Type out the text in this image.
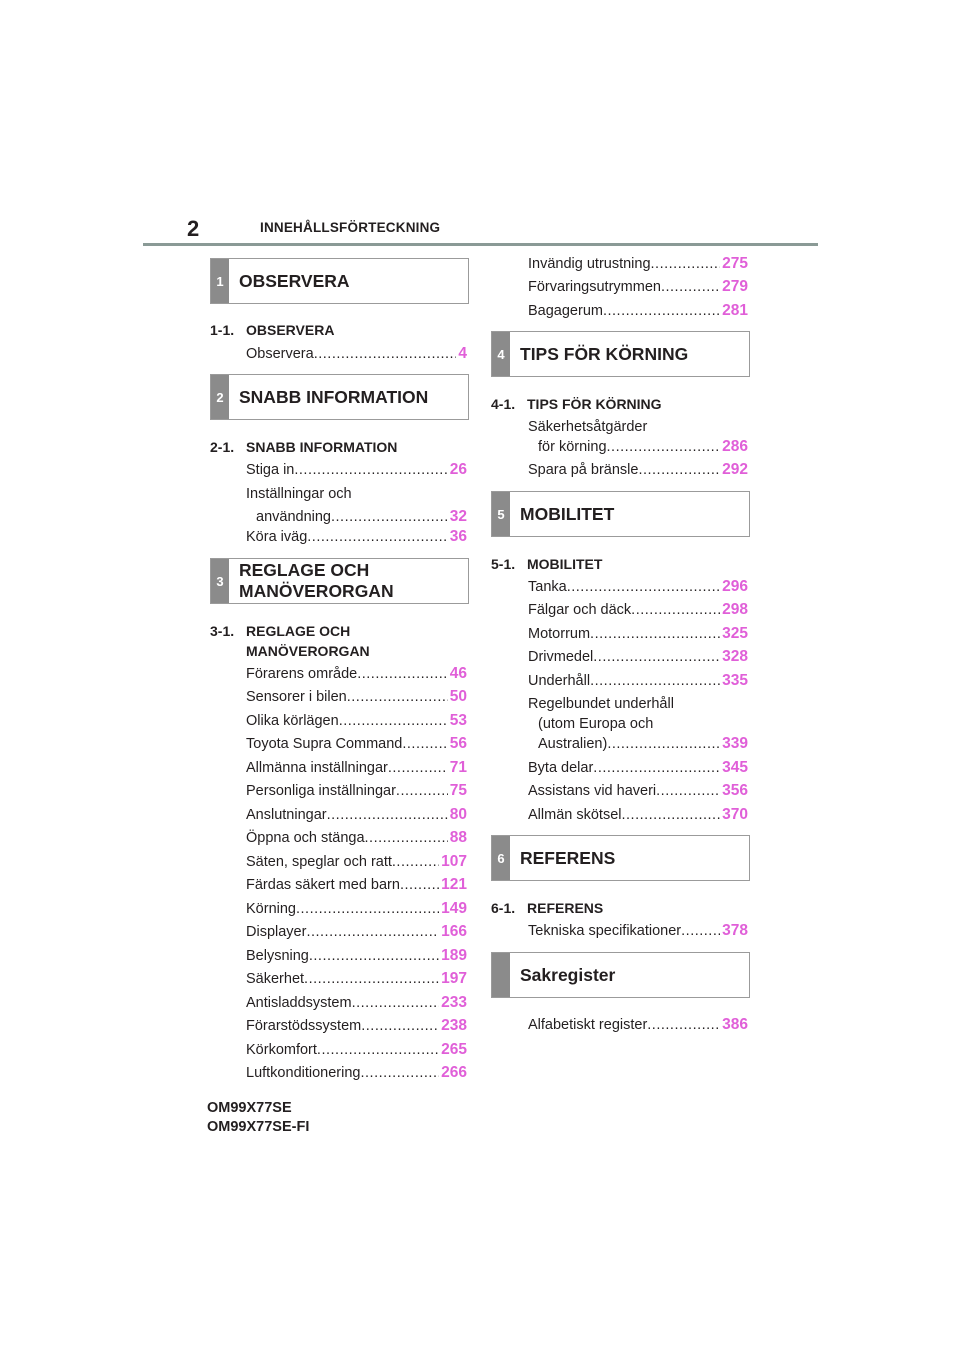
2	INNEHÅLLSFÖRTECKNING
1 OBSERVERA
1-1. OBSERVERA
Observera .....	4
2 SNABB INFORMATION
2-1. SNABB INFORMATION
Stiga in .....	26
Inställningar och
användning .....	32
Köra iväg .....	36
3
REGLAGE OCH
MANÖVERORGAN
3-1. REGLAGE OCH
MANÖVERORGAN
Förarens område .....	46
Sensorer i bilen .....	50
Olika körlägen .....	53
Toyota Supra Command .....	56
Allmänna inställningar .....	71
Personliga inställningar .....	75
Anslutningar .....	80
Öppna och stänga .....	88
Säten, speglar och ratt .....	107
Färdas säkert med barn .....	121
Körning .....	149
Displayer .....	166
Belysning .....	189
Säkerhet .....	197
Antisladdsystem .....	233
Förarstödssystem .....	238
Körkomfort .....	265
Luftkonditionering .....	266
OM99X77SE
OM99X77SE-FI
Invändig utrustning .....	275
Förvaringsutrymmen .....	279
Bagagerum .....	281
4 TIPS FÖR KÖRNING
4-1. TIPS FÖR KÖRNING
Säkerhetsåtgärder
för körning .....	286
Spara på bränsle .....	292
5 MOBILITET
5-1. MOBILITET
Tanka .....	296
Fälgar och däck .....	298
Motorrum .....	325
Drivmedel .....	328
Underhåll .....	335
Regelbundet underhåll
(utom Europa och
Australien) .....	339
Byta delar .....	345
Assistans vid haveri .....	356
Allmän skötsel .....	370
6 REFERENS
6-1. REFERENS
Tekniska specifikationer .....	378
Sakregister
Alfabetiskt register .....	386
